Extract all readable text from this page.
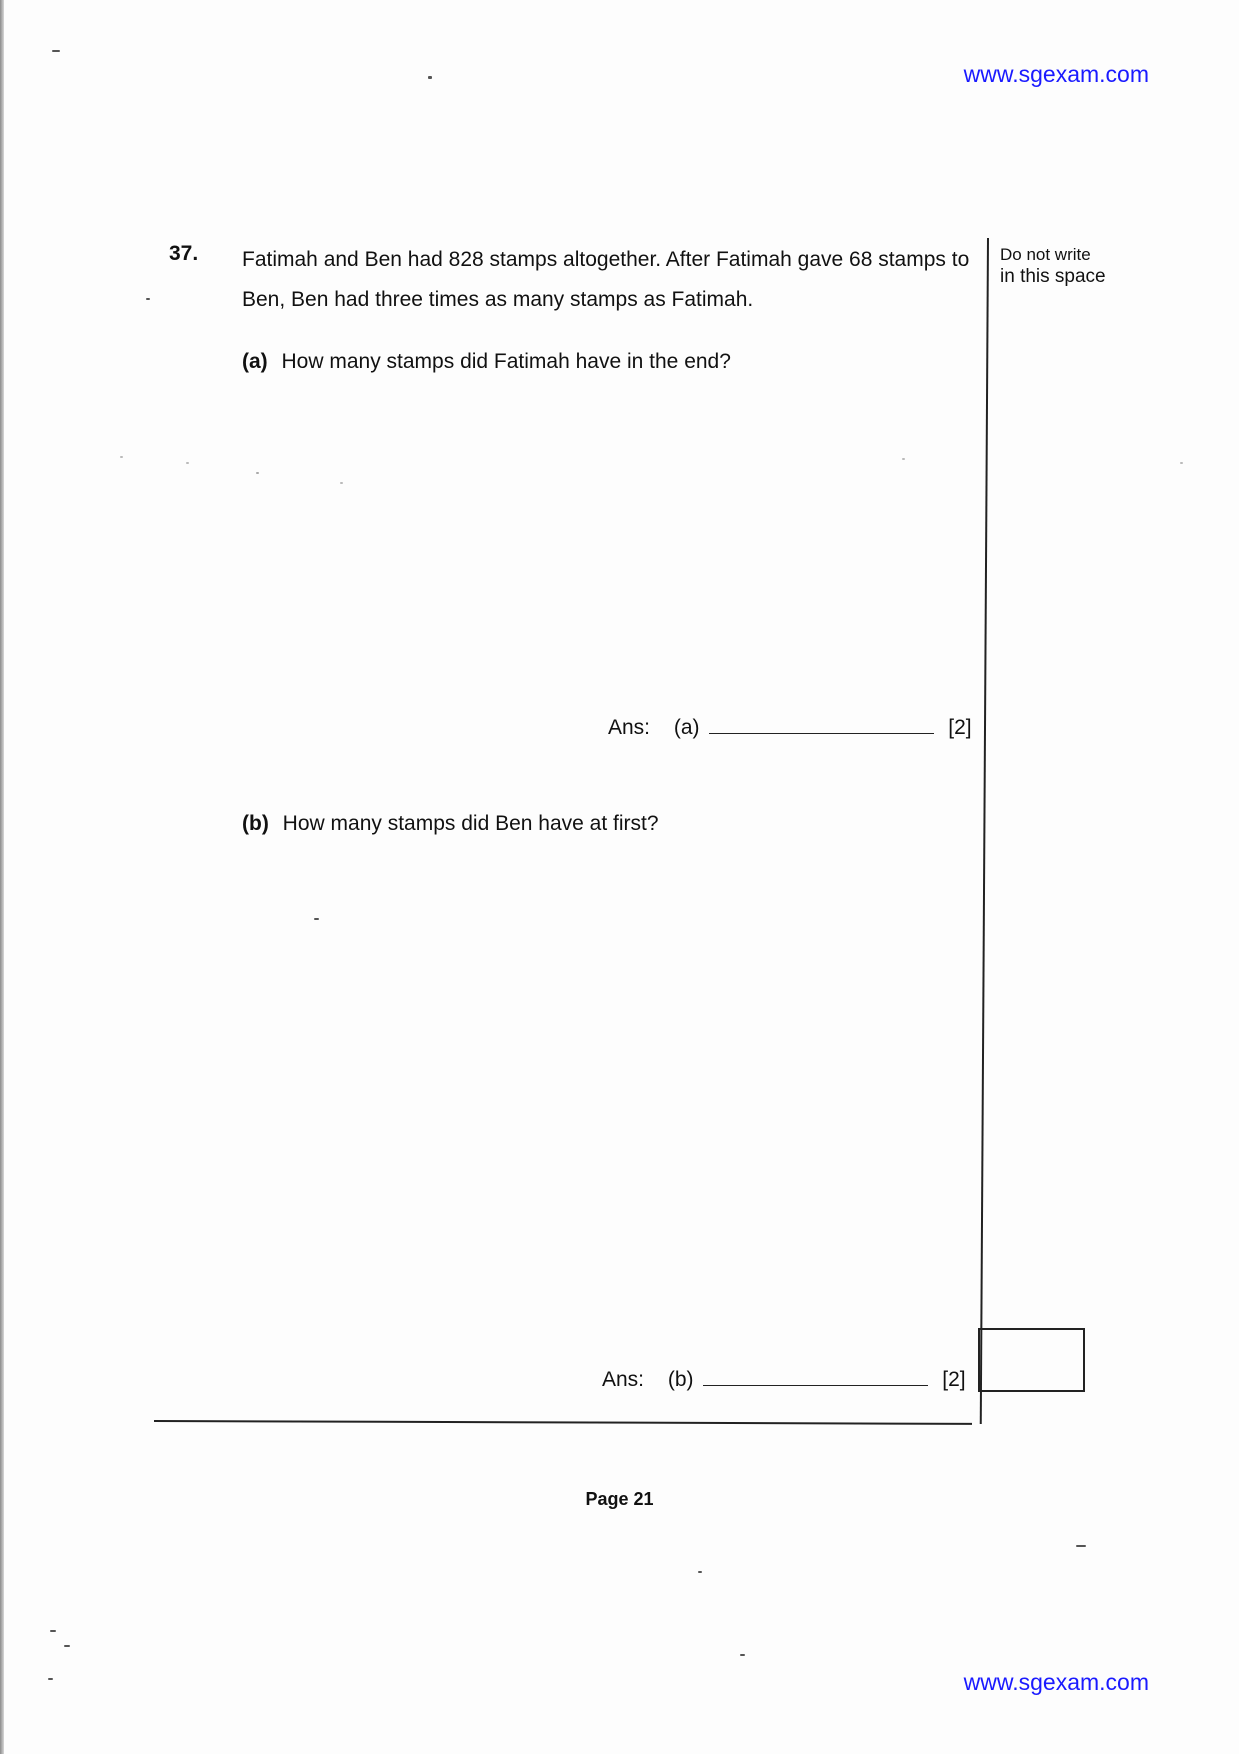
www.sgexam.com
37. Fatimah and Ben had 828 stamps altogether. After Fatimah gave 68 stamps to Ben, Ben had three times as many stamps as Fatimah.
Do not write
in this space
(a) How many stamps did Fatimah have in the end?
Ans: (a)	[2]
(b) How many stamps did Ben have at first?
Ans: (b)	[2]
Page 21
www.sgexam.com
